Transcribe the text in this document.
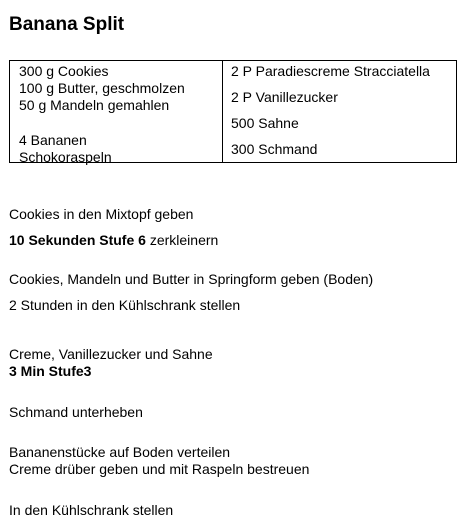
Banana Split
300 g Cookies
100 g Butter, geschmolzen
50 g Mandeln gemahlen
4 Bananen
Schokoraspeln
2 P Paradiescreme Stracciatella
2 P Vanillezucker
500 Sahne
300 Schmand
Cookies in den Mixtopf geben
10 Sekunden Stufe 6 zerkleinern
Cookies, Mandeln und Butter in Springform geben (Boden)
2 Stunden in den Kühlschrank stellen
Creme, Vanillezucker und Sahne
3 Min Stufe3
Schmand unterheben
Bananenstücke auf Boden verteilen
Creme drüber geben und mit Raspeln bestreuen
In den Kühlschrank stellen
